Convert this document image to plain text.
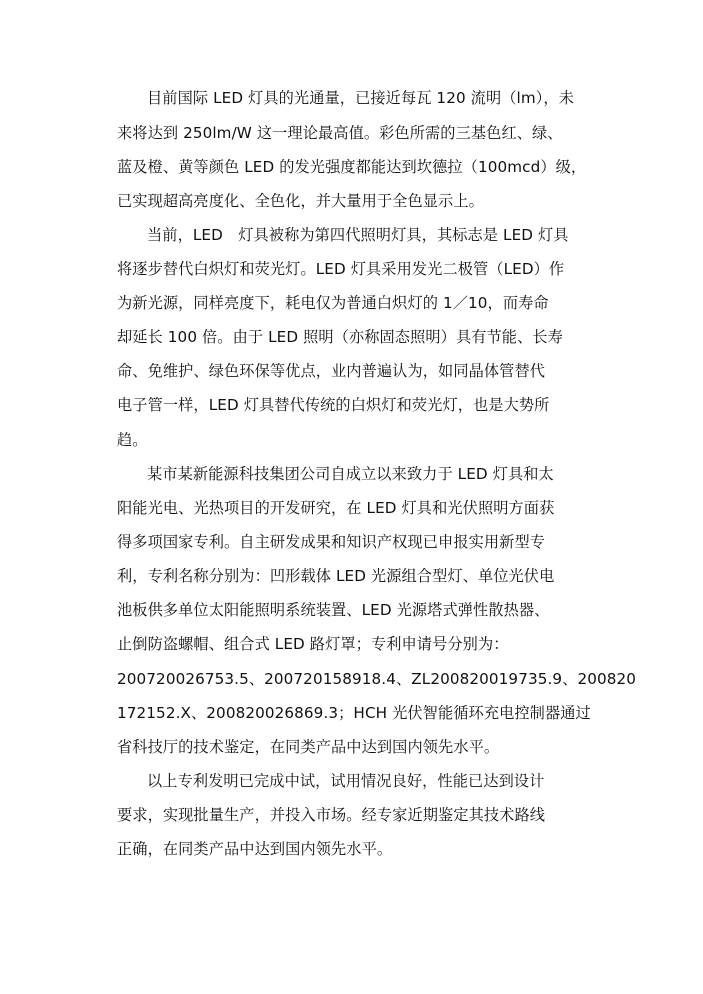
目前国际 LED 灯具的光通量，已接近每瓦 120 流明（lm），未
来将达到 250lm/W 这一理论最高值。彩色所需的三基色红、绿、
蓝及橙、黄等颜色 LED 的发光强度都能达到坎德拉（100mcd）级，
已实现超高亮度化、全色化，并大量用于全色显示上。
当前，LED　灯具被称为第四代照明灯具，其标志是 LED 灯具
将逐步替代白炽灯和荧光灯。LED 灯具采用发光二极管（LED）作
为新光源，同样亮度下，耗电仅为普通白炽灯的 1／10，而寿命
却延长 100 倍。由于 LED 照明（亦称固态照明）具有节能、长寿
命、免维护、绿色环保等优点，业内普遍认为，如同晶体管替代
电子管一样，LED 灯具替代传统的白炽灯和荧光灯，也是大势所
趋。
某市某新能源科技集团公司自成立以来致力于 LED 灯具和太
阳能光电、光热项目的开发研究，在 LED 灯具和光伏照明方面获
得多项国家专利。自主研发成果和知识产权现已申报实用新型专
利，专利名称分别为：凹形载体 LED 光源组合型灯、单位光伏电
池板供多单位太阳能照明系统装置、LED 光源塔式弹性散热器、
止倒防盗螺帽、组合式 LED 路灯罩；专利申请号分别为：
200720026753.5、200720158918.4、ZL200820019735.9、200820
172152.X、200820026869.3；HCH 光伏智能循环充电控制器通过
省科技厅的技术鉴定，在同类产品中达到国内领先水平。
以上专利发明已完成中试，试用情况良好，性能已达到设计
要求，实现批量生产，并投入市场。经专家近期鉴定其技术路线
正确，在同类产品中达到国内领先水平。
